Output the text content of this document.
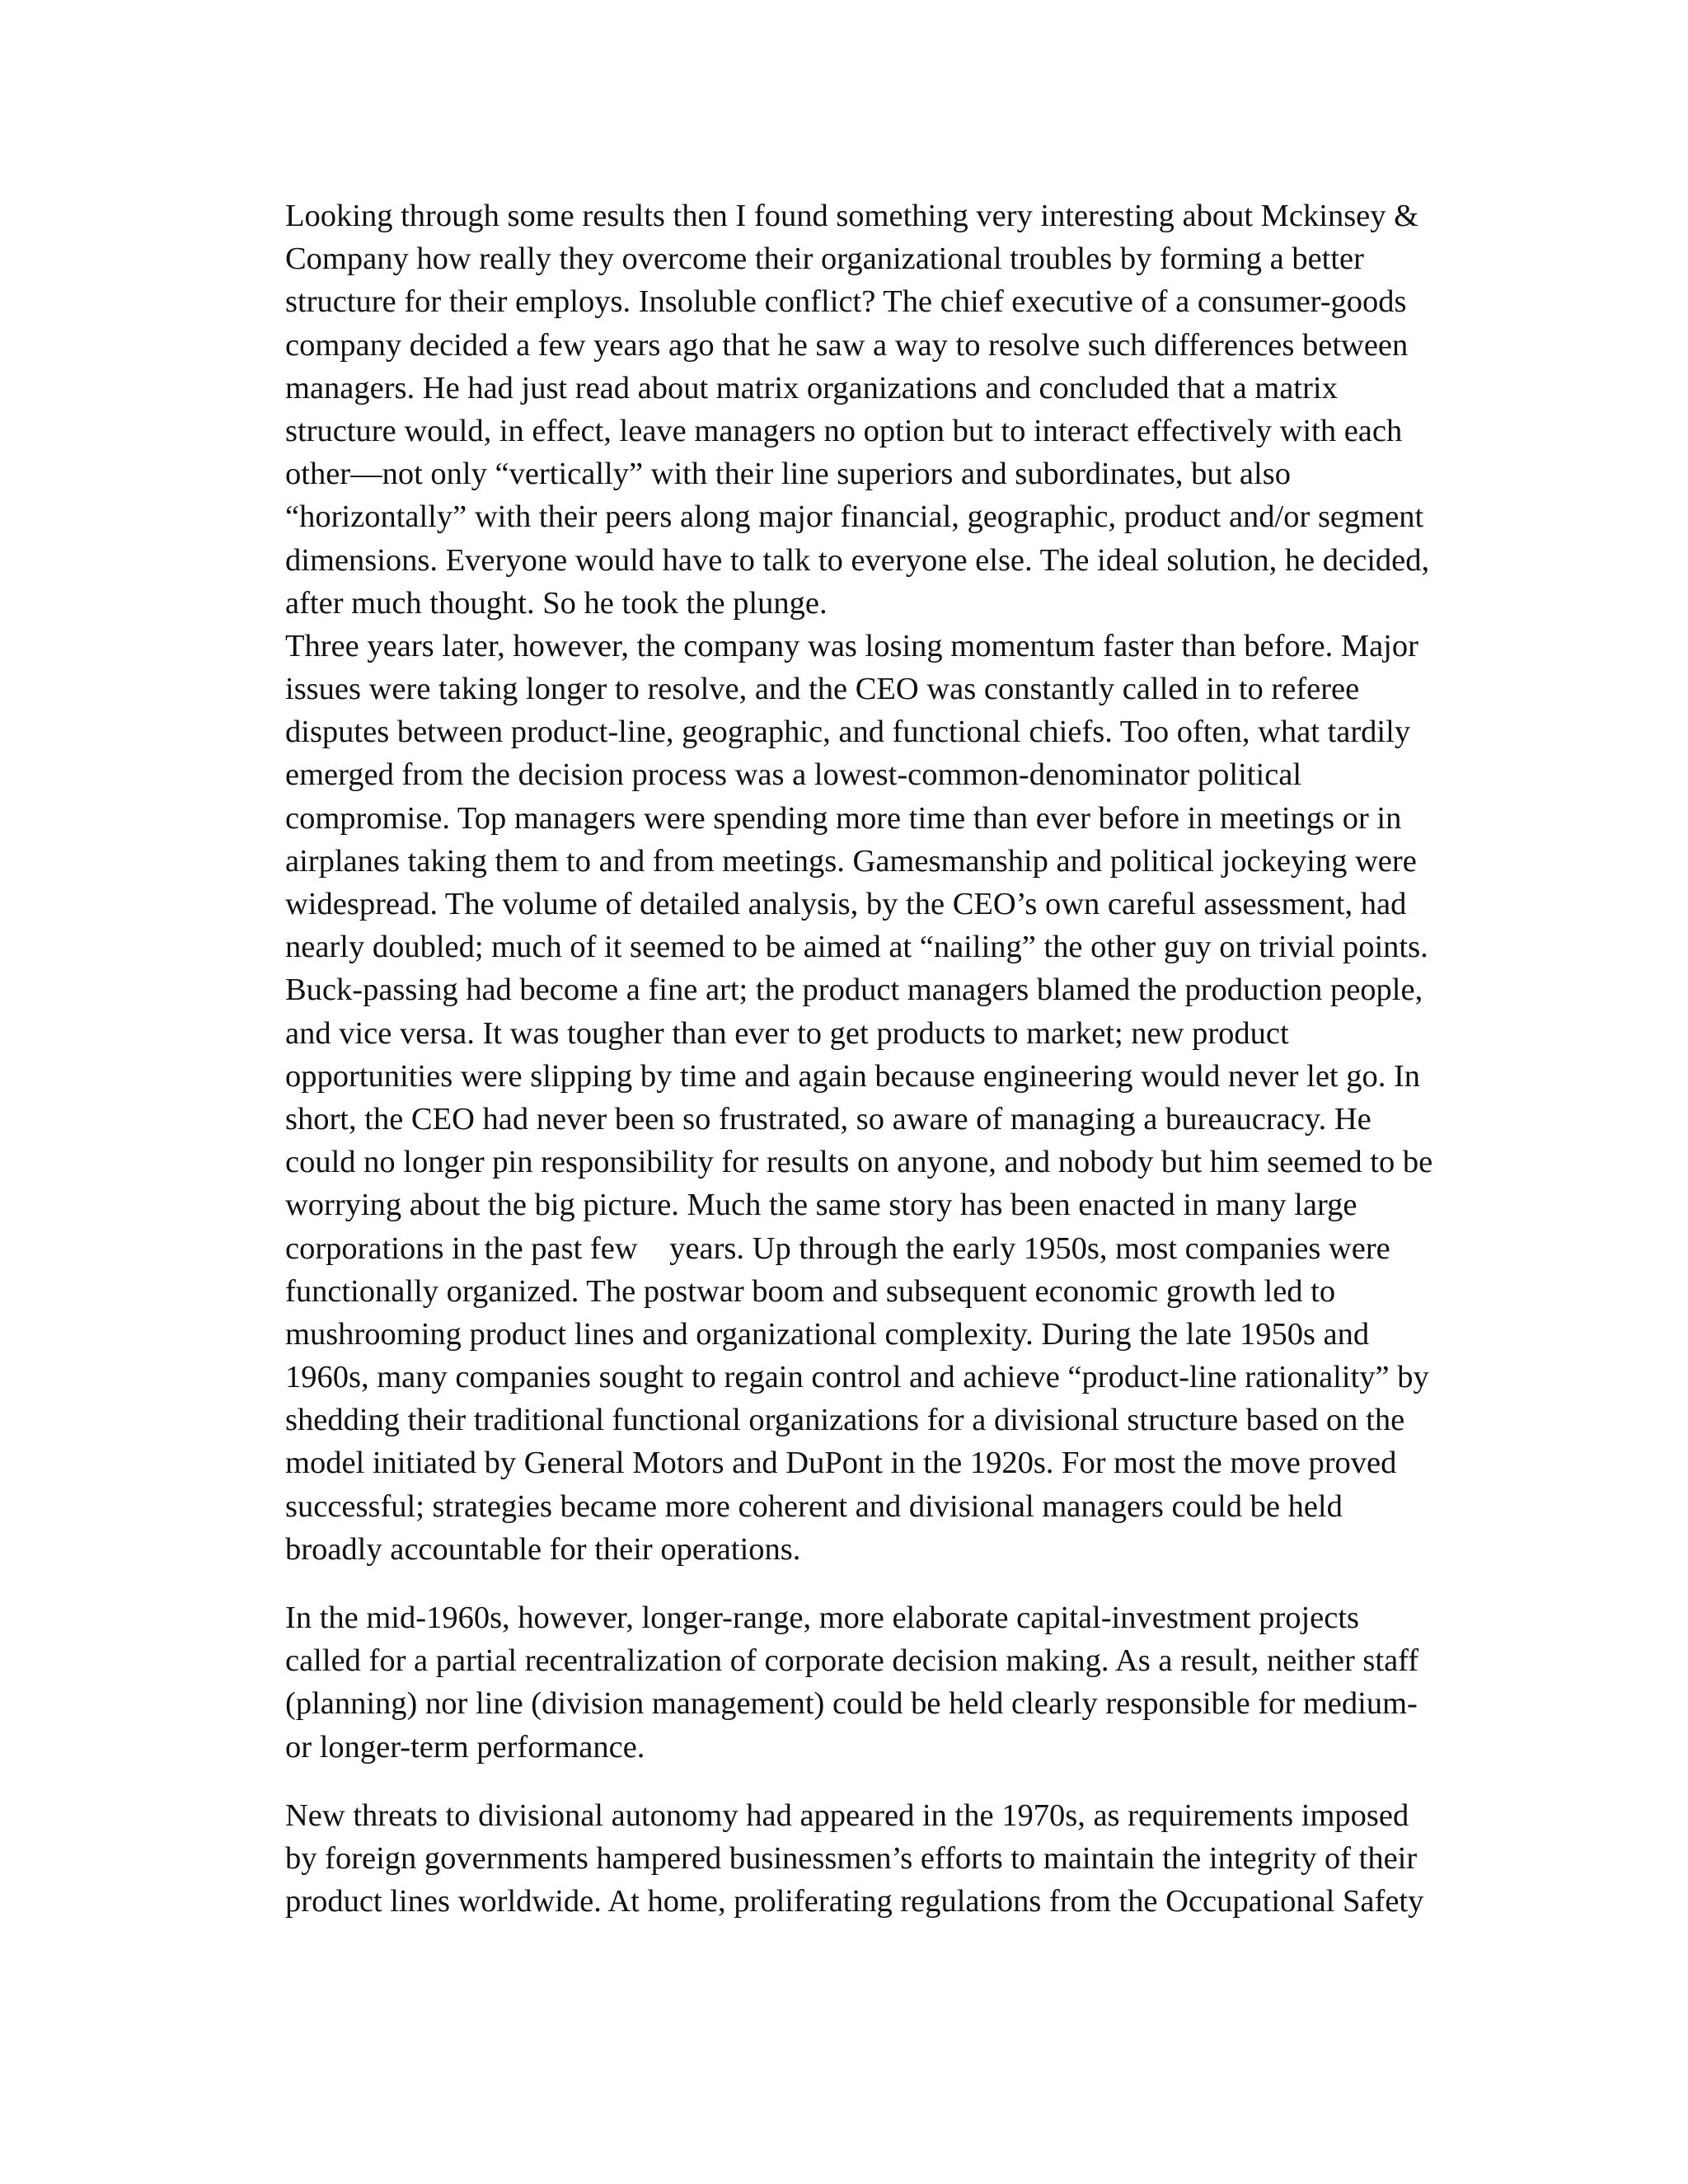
Looking through some results then I found something very interesting about Mckinsey &
Company how really they overcome their organizational troubles by forming a better
structure for their employs. Insoluble conflict? The chief executive of a consumer-goods
company decided a few years ago that he saw a way to resolve such differences between
managers. He had just read about matrix organizations and concluded that a matrix
structure would, in effect, leave managers no option but to interact effectively with each
other—not only “vertically” with their line superiors and subordinates, but also
“horizontally” with their peers along major financial, geographic, product and/or segment
dimensions. Everyone would have to talk to everyone else. The ideal solution, he decided,
after much thought. So he took the plunge.
Three years later, however, the company was losing momentum faster than before. Major
issues were taking longer to resolve, and the CEO was constantly called in to referee
disputes between product-line, geographic, and functional chiefs. Too often, what tardily
emerged from the decision process was a lowest-common-denominator political
compromise. Top managers were spending more time than ever before in meetings or in
airplanes taking them to and from meetings. Gamesmanship and political jockeying were
widespread. The volume of detailed analysis, by the CEO’s own careful assessment, had
nearly doubled; much of it seemed to be aimed at “nailing” the other guy on trivial points.
Buck-passing had become a fine art; the product managers blamed the production people,
and vice versa. It was tougher than ever to get products to market; new product
opportunities were slipping by time and again because engineering would never let go. In
short, the CEO had never been so frustrated, so aware of managing a bureaucracy. He
could no longer pin responsibility for results on anyone, and nobody but him seemed to be
worrying about the big picture. Much the same story has been enacted in many large
corporations in the past few    years. Up through the early 1950s, most companies were
functionally organized. The postwar boom and subsequent economic growth led to
mushrooming product lines and organizational complexity. During the late 1950s and
1960s, many companies sought to regain control and achieve “product-line rationality” by
shedding their traditional functional organizations for a divisional structure based on the
model initiated by General Motors and DuPont in the 1920s. For most the move proved
successful; strategies became more coherent and divisional managers could be held
broadly accountable for their operations.
In the mid-1960s, however, longer-range, more elaborate capital-investment projects
called for a partial recentralization of corporate decision making. As a result, neither staff
(planning) nor line (division management) could be held clearly responsible for medium-
or longer-term performance.
New threats to divisional autonomy had appeared in the 1970s, as requirements imposed
by foreign governments hampered businessmen’s efforts to maintain the integrity of their
product lines worldwide. At home, proliferating regulations from the Occupational Safety
